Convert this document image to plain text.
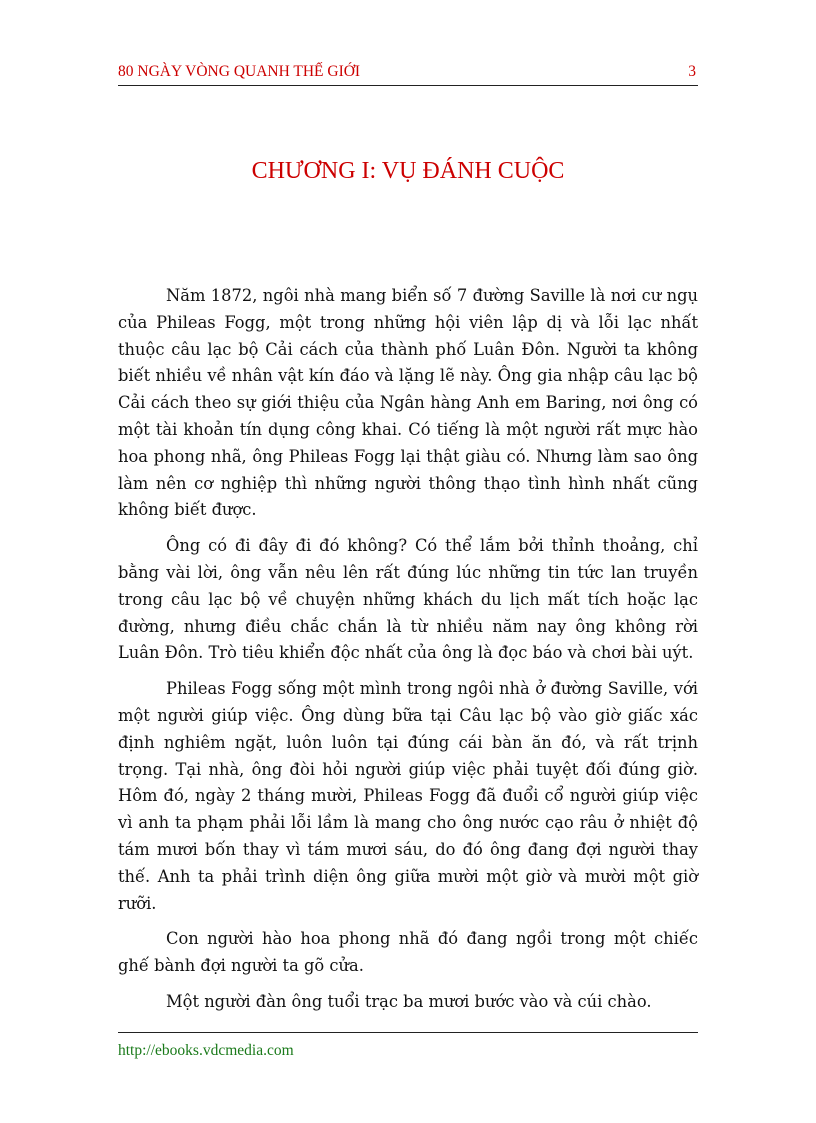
80 NGÀY VÒNG QUANH THẾ GIỚI	3
CHƯƠNG I: VỤ ĐÁNH CUỘC

Năm 1872, ngôi nhà mang biển số 7 đường Saville là nơi cư ngụ của Phileas Fogg, một trong những hội viên lập dị và lỗi lạc nhất thuộc câu lạc bộ Cải cách của thành phố Luân Đôn. Người ta không biết nhiều về nhân vật kín đáo và lặng lẽ này. Ông gia nhập câu lạc bộ Cải cách theo sự giới thiệu của Ngân hàng Anh em Baring, nơi ông có một tài khoản tín dụng công khai. Có tiếng là một người rất mực hào hoa phong nhã, ông Phileas Fogg lại thật giàu có. Nhưng làm sao ông làm nên cơ nghiệp thì những người thông thạo tình hình nhất cũng không biết được.

Ông có đi đây đi đó không? Có thể lắm bởi thỉnh thoảng, chỉ bằng vài lời, ông vẫn nêu lên rất đúng lúc những tin tức lan truyền trong câu lạc bộ về chuyện những khách du lịch mất tích hoặc lạc đường, nhưng điều chắc chắn là từ nhiều năm nay ông không rời Luân Đôn. Trò tiêu khiển độc nhất của ông là đọc báo và chơi bài uýt.

Phileas Fogg sống một mình trong ngôi nhà ở đường Saville, với một người giúp việc. Ông dùng bữa tại Câu lạc bộ vào giờ giấc xác định nghiêm ngặt, luôn luôn tại đúng cái bàn ăn đó, và rất trịnh trọng. Tại nhà, ông đòi hỏi người giúp việc phải tuyệt đối đúng giờ. Hôm đó, ngày 2 tháng mười, Phileas Fogg đã đuổi cổ người giúp việc vì anh ta phạm phải lỗi lầm là mang cho ông nước cạo râu ở nhiệt độ tám mươi bốn thay vì tám mươi sáu, do đó ông đang đợi người thay thế. Anh ta phải trình diện ông giữa mười một giờ và mười một giờ rưỡi.

Con người hào hoa phong nhã đó đang ngồi trong một chiếc ghế bành đợi người ta gõ cửa.

Một người đàn ông tuổi trạc ba mươi bước vào và cúi chào.

http://ebooks.vdcmedia.com
